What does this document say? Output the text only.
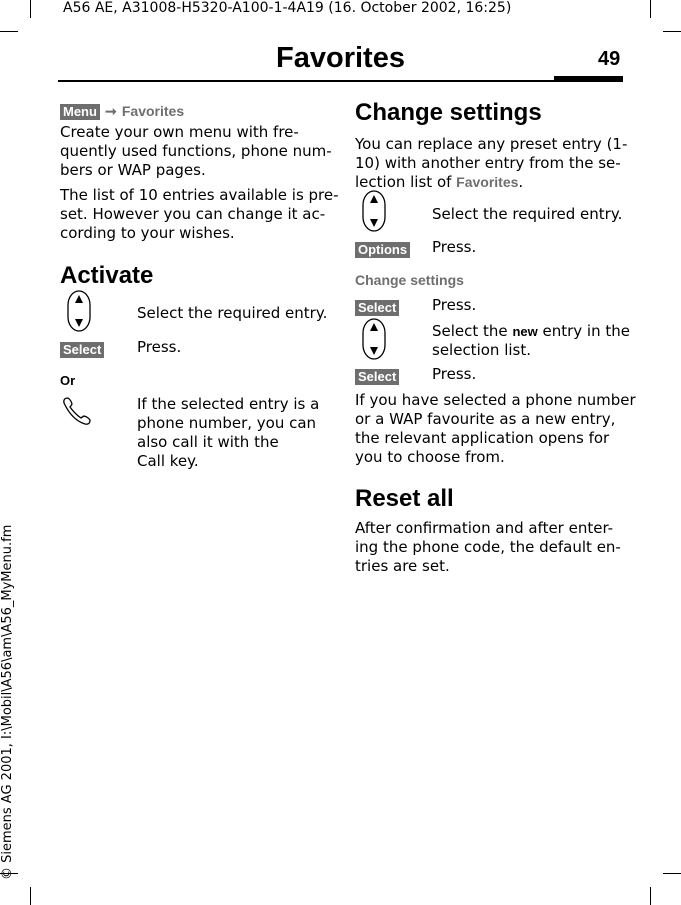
A56 AE, A31008-H5320-A100-1-4A19 (16. October 2002, 16:25)
© Siemens AG 2001, I:\Mobil\A56\am\A56_MyMenu.fm
Favorites	49
Menu ➞ Favorites
Create your own menu with fre-
quently used functions, phone num-
bers or WAP pages.
The list of 10 entries available is pre-
set. However you can change it ac-
cording to your wishes.
Activate
Select the required entry.
Select Press.
Or
If the selected entry is a
phone number, you can
also call it with the
Call key.
Change settings
You can replace any preset entry (1-
10) with another entry from the se-
lection list of Favorites.
Select the required entry.
Options Press.
Change settings
Select Press.
Select the new entry in the
selection list.
Select Press.
If you have selected a phone number
or a WAP favourite as a new entry,
the relevant application opens for
you to choose from.
Reset all
After confirmation and after enter-
ing the phone code, the default en-
tries are set.
